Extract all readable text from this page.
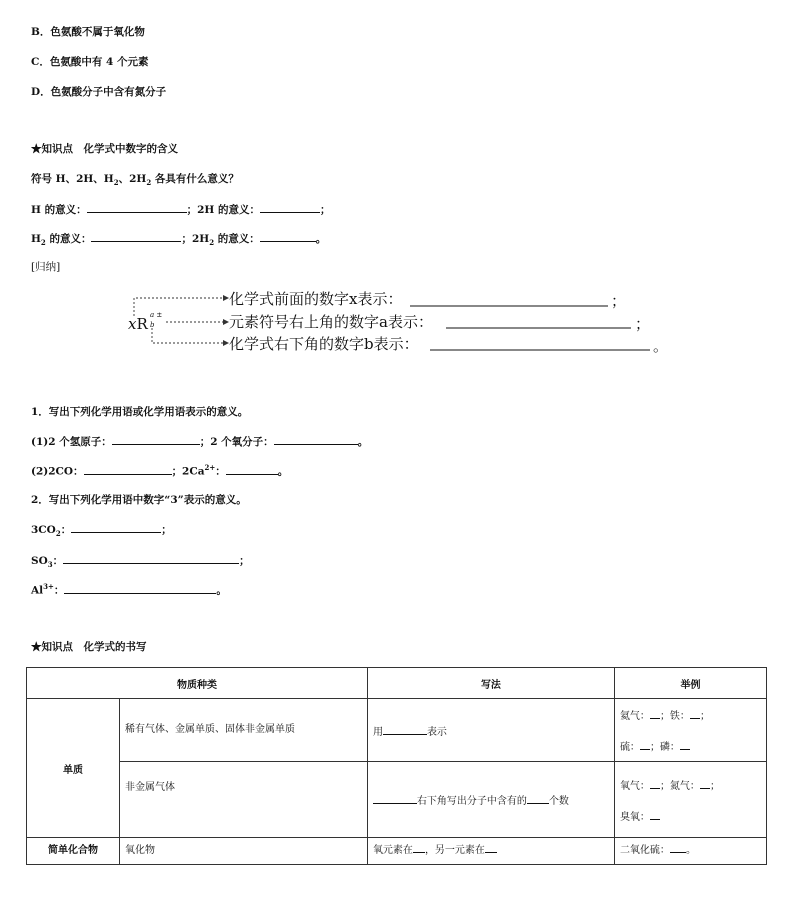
B．色氨酸不属于氧化物
C．色氨酸中有 4 个元素
D．色氨酸分子中含有氮分子
★知识点　化学式中数字的含义
符号 H、2H、$H_2$、$2H_2$ 各具有什么意义？
H 的意义：	；2H 的意义：	；
$H_2$ 的意义：	；$2H_2$ 的意义：	。
[归纳]
xR a ±
b
化学式前面的数字x表示：	；
元素符号右上角的数字a表示：	；
化学式右下角的数字b表示：	。
1．写出下列化学用语或化学用语表示的意义。
(1)2 个氢原子：	；2 个氧分子：	。
(2)2CO：	；$2Ca^{2+}$：	。
2．写出下列化学用语中数字“3”表示的意义。
$3CO_2$：	；
$SO_3$：	；
$Al^{3+}$：	。
★知识点　化学式的书写
物质种类		写法	举例
单质	稀有气体、金属单质、固体非金属单质	用 表示	氦气： ；铁： ；
硫： ；磷：

	非金属气体	右下角写出分子中含有的 个数	氧气： ；氮气： ；
臭氧：

简单化合物	氧化物	氧元素在 ，另一元素在	二氧化硫： 。
